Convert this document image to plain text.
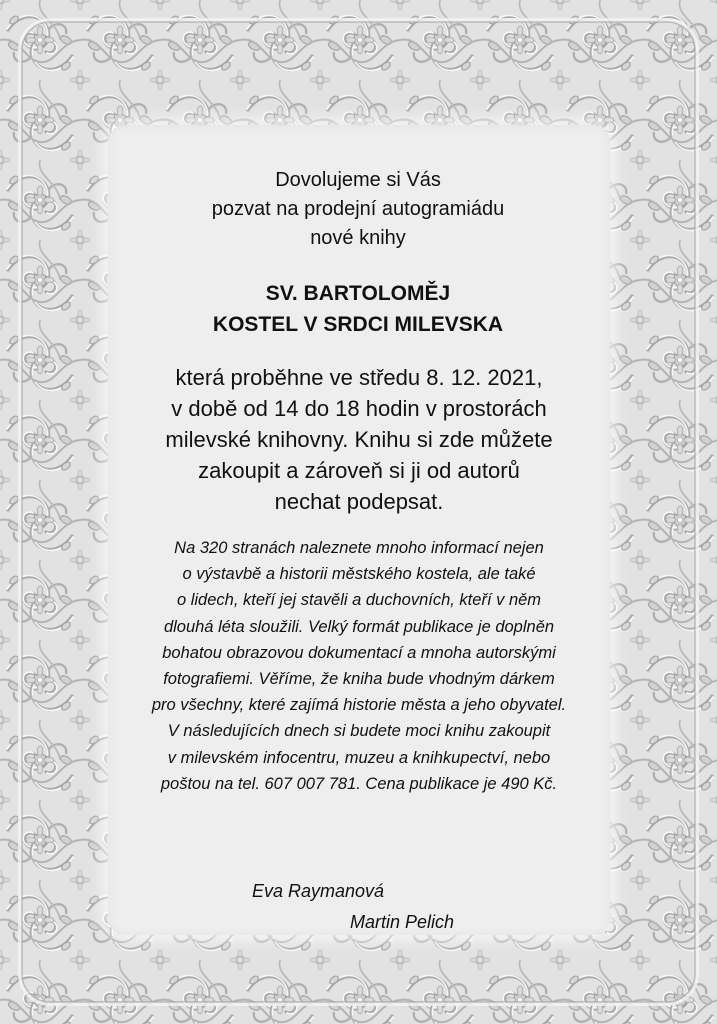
Dovolujeme si Vás
pozvat na prodejní autogramiádu
nové knihy
SV. BARTOLOMĚJ
KOSTEL V SRDCI MILEVSKA
která proběhne ve středu 8. 12. 2021,
v době od 14 do 18 hodin v prostorách
milevské knihovny. Knihu si zde můžete
zakoupit a zároveň si ji od autorů
nechat podepsat.
Na 320 stranách naleznete mnoho informací nejen
o výstavbě a historii městského kostela, ale také
o lidech, kteří jej stavěli a duchovních, kteří v něm
dlouhá léta sloužili. Velký formát publikace je doplněn
bohatou obrazovou dokumentací a mnoha autorskými
fotografiemi. Věříme, že kniha bude vhodným dárkem
pro všechny, které zajímá historie města a jeho obyvatel.
V následujících dnech si budete moci knihu zakoupit
v milevském infocentru, muzeu a knihkupectví, nebo
poštou na tel. 607 007 781. Cena publikace je 490 Kč.
Eva Raymanová
Martin Pelich
